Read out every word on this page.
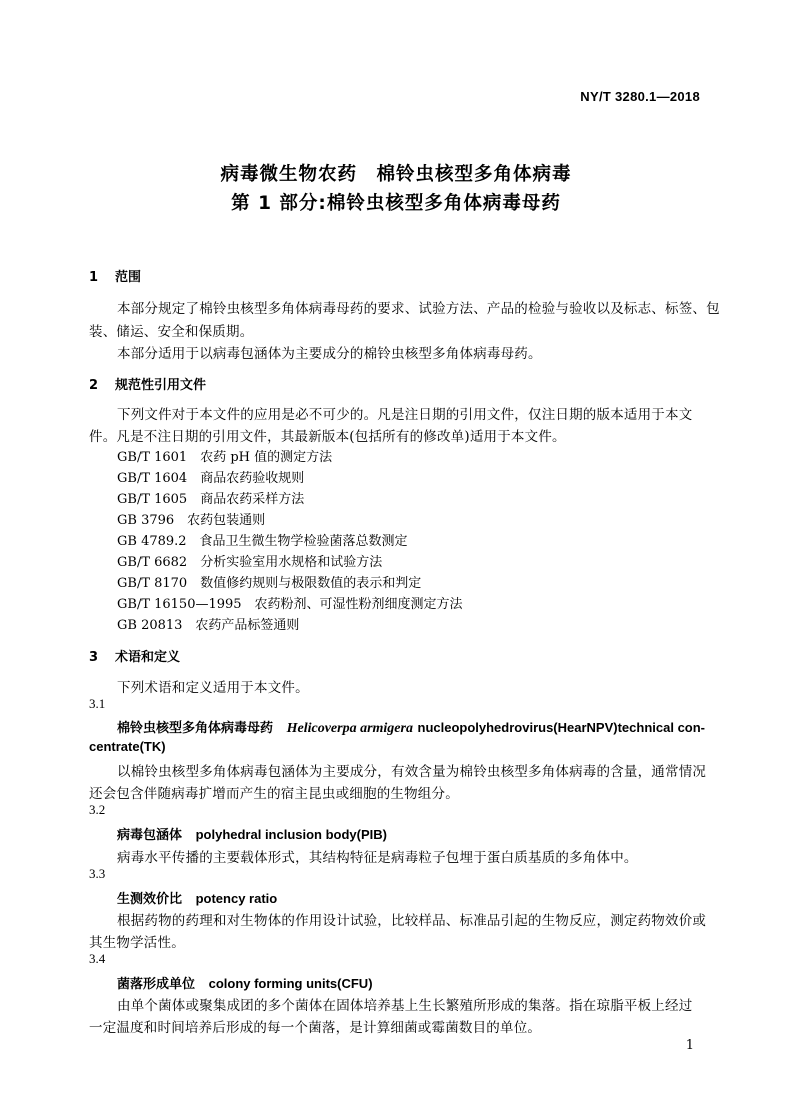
NY/T 3280.1—2018
病毒微生物农药　棉铃虫核型多角体病毒
第 1 部分:棉铃虫核型多角体病毒母药
1 范围
本部分规定了棉铃虫核型多角体病毒母药的要求、试验方法、产品的检验与验收以及标志、标签、包
装、储运、安全和保质期。
本部分适用于以病毒包涵体为主要成分的棉铃虫核型多角体病毒母药。
2 规范性引用文件
下列文件对于本文件的应用是必不可少的。凡是注日期的引用文件，仅注日期的版本适用于本文
件。凡是不注日期的引用文件，其最新版本(包括所有的修改单)适用于本文件。
GB/T 1601　农药 pH 值的测定方法
GB/T 1604　商品农药验收规则
GB/T 1605　商品农药采样方法
GB 3796　农药包装通则
GB 4789.2　食品卫生微生物学检验菌落总数测定
GB/T 6682　分析实验室用水规格和试验方法
GB/T 8170　数值修约规则与极限数值的表示和判定
GB/T 16150—1995　农药粉剂、可湿性粉剂细度测定方法
GB 20813　农药产品标签通则
3 术语和定义
下列术语和定义适用于本文件。
3.1
棉铃虫核型多角体病毒母药 Helicoverpa armigera nucleopolyhedrovirus(HearNPV)technical con-
centrate(TK)
以棉铃虫核型多角体病毒包涵体为主要成分，有效含量为棉铃虫核型多角体病毒的含量，通常情况
还会包含伴随病毒扩增而产生的宿主昆虫或细胞的生物组分。
3.2
病毒包涵体 polyhedral inclusion body(PIB)
病毒水平传播的主要载体形式，其结构特征是病毒粒子包埋于蛋白质基质的多角体中。
3.3
生测效价比 potency ratio
根据药物的药理和对生物体的作用设计试验，比较样品、标准品引起的生物反应，测定药物效价或
其生物学活性。
3.4
菌落形成单位 colony forming units(CFU)
由单个菌体或聚集成团的多个菌体在固体培养基上生长繁殖所形成的集落。指在琼脂平板上经过
一定温度和时间培养后形成的每一个菌落，是计算细菌或霉菌数目的单位。
1
